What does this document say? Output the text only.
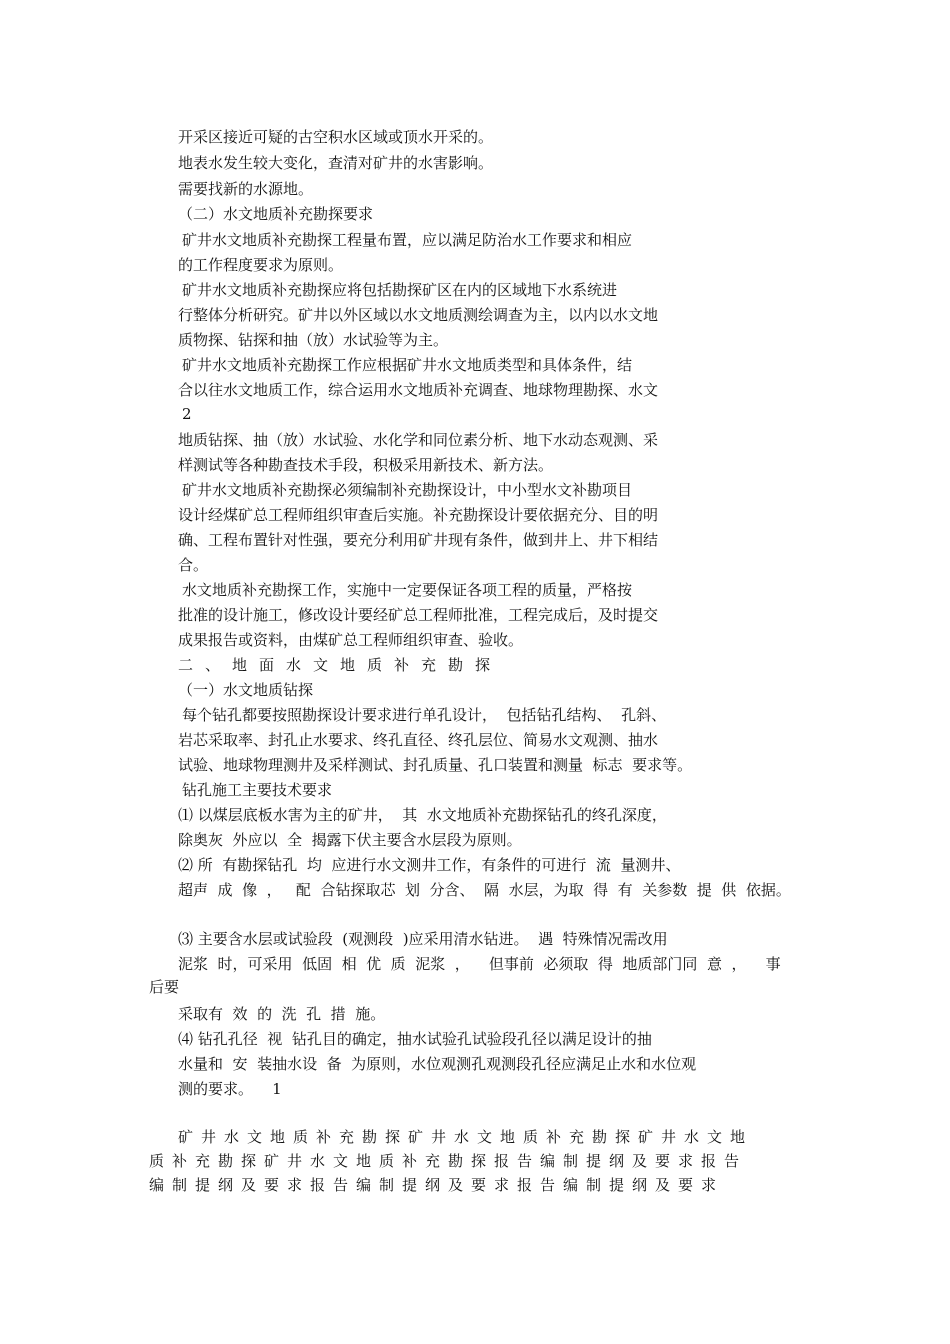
开采区接近可疑的古空积水区域或顶水开采的。
地表水发生较大变化，查清对矿井的水害影响。
需要找新的水源地。
（二）水文地质补充勘探要求
矿井水文地质补充勘探工程量布置，应以满足防治水工作要求和相应
的工作程度要求为原则。
矿井水文地质补充勘探应将包括勘探矿区在内的区域地下水系统进
行整体分析研究。矿井以外区域以水文地质测绘调查为主，以内以水文地
质物探、钻探和抽（放）水试验等为主。
矿井水文地质补充勘探工作应根据矿井水文地质类型和具体条件，结
合以往水文地质工作，综合运用水文地质补充调查、地球物理勘探、水文
2
地质钻探、抽（放）水试验、水化学和同位素分析、地下水动态观测、采
样测试等各种勘查技术手段，积极采用新技术、新方法。
矿井水文地质补充勘探必须编制补充勘探设计，中小型水文补勘项目
设计经煤矿总工程师组织审查后实施。补充勘探设计要依据充分、目的明
确、工程布置针对性强，要充分利用矿井现有条件，做到井上、井下相结
合。
水文地质补充勘探工作，实施中一定要保证各项工程的质量，严格按
批准的设计施工，修改设计要经矿总工程师批准，工程完成后，及时提交
成果报告或资料，由煤矿总工程师组织审查、验收。
二、地面水文地质补充勘探
（一）水文地质钻探
每个钻孔都要按照勘探设计要求进行单孔设计，  包括钻孔结构、  孔斜、
岩芯采取率、封孔止水要求、终孔直径、终孔层位、简易水文观测、抽水
试验、地球物理测井及采样测试、封孔质量、孔口装置和测量  标志  要求等。
钻孔施工主要技术要求
⑴ 以煤层底板水害为主的矿井，  其  水文地质补充勘探钻孔的终孔深度，
除奥灰  外应以  全  揭露下伏主要含水层段为原则。
⑵ 所  有勘探钻孔  均  应进行水文测井工作，有条件的可进行  流  量测井、
超声  成  像  ，   配  合钻探取芯  划  分含、  隔  水层，为取  得  有  关参数  提  供  依据。
⑶ 主要含水层或试验段  (观测段  )应采用清水钻进。  遇  特殊情况需改用
泥浆  时，可采用  低固  相  优  质  泥浆  ，    但事前  必须取  得  地质部门同  意  ，    事
后要
采取有  效  的  洗  孔  措  施。
⑷ 钻孔孔径  视  钻孔目的确定，抽水试验孔试验段孔径以满足设计的抽
水量和  安  装抽水设  备  为原则，水位观测孔观测段孔径应满足止水和水位观
测的要求。    1
矿井水文地质补充勘探矿井水文地质补充勘探矿井水文地
质补充勘探矿井水文地质补充勘探报告编制提纲及要求报告
编制提纲及要求报告编制提纲及要求报告编制提纲及要求
